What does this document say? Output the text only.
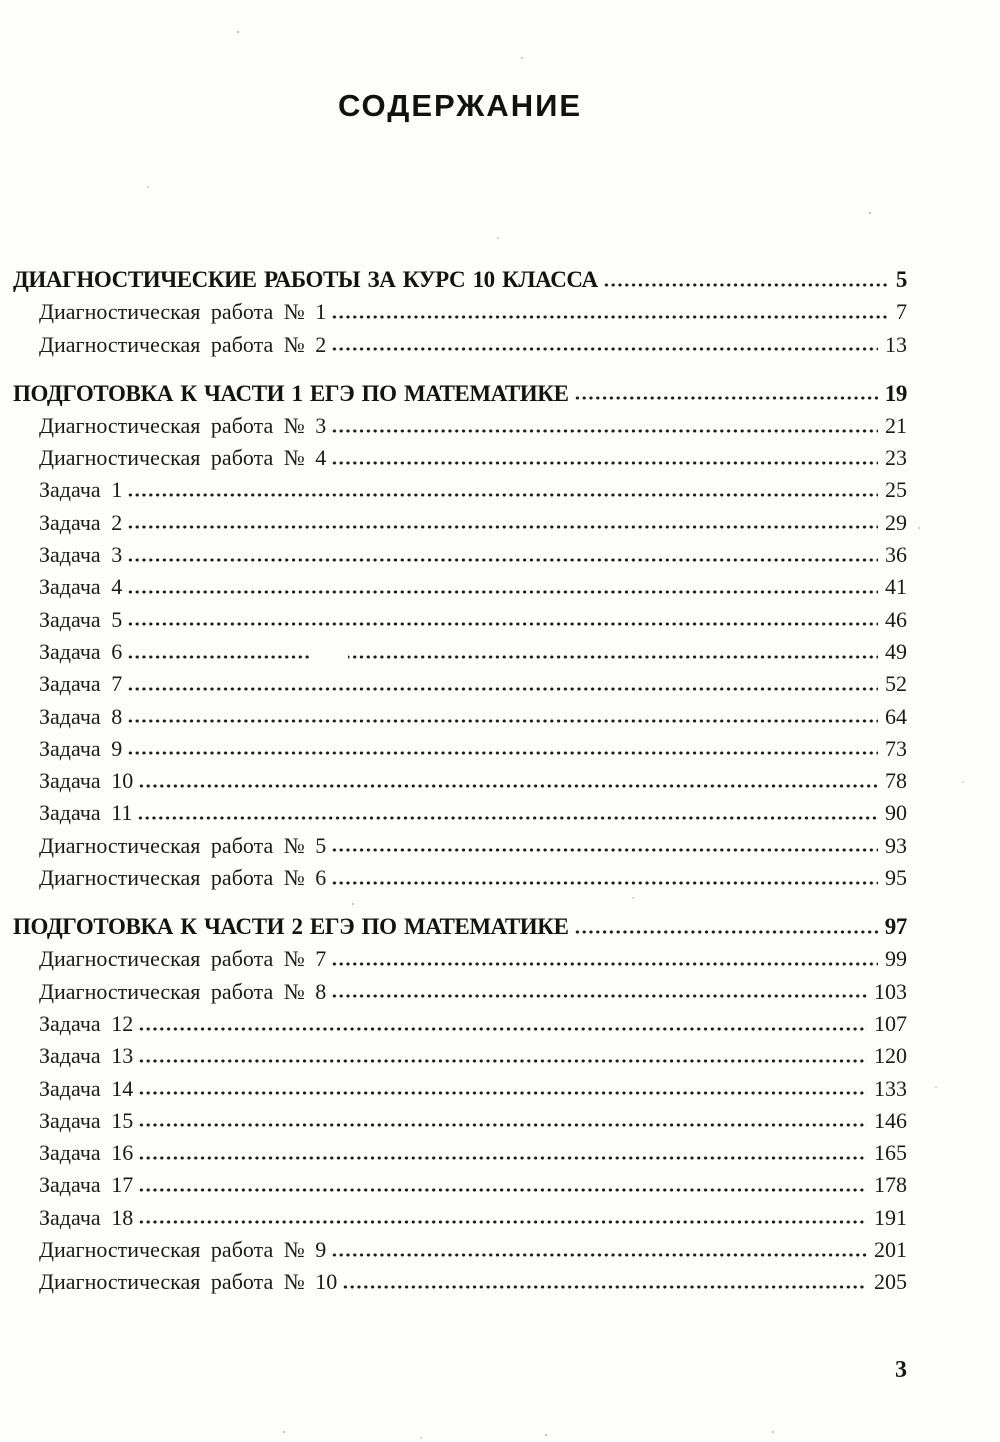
СОДЕРЖАНИЕ
ДИАГНОСТИЧЕСКИЕ РАБОТЫ ЗА КУРС 10 КЛАССА	5
Диагностическая работа № 1	7
Диагностическая работа № 2	13
ПОДГОТОВКА К ЧАСТИ 1 ЕГЭ ПО МАТЕМАТИКЕ	19
Диагностическая работа № 3	21
Диагностическая работа № 4	23
Задача 1	25
Задача 2	29
Задача 3	36
Задача 4	41
Задача 5	46
Задача 6	49
Задача 7	52
Задача 8	64
Задача 9	73
Задача 10	78
Задача 11	90
Диагностическая работа № 5	93
Диагностическая работа № 6	95
ПОДГОТОВКА К ЧАСТИ 2 ЕГЭ ПО МАТЕМАТИКЕ	97
Диагностическая работа № 7	99
Диагностическая работа № 8	103
Задача 12	107
Задача 13	120
Задача 14	133
Задача 15	146
Задача 16	165
Задача 17	178
Задача 18	191
Диагностическая работа № 9	201
Диагностическая работа № 10	205
3
